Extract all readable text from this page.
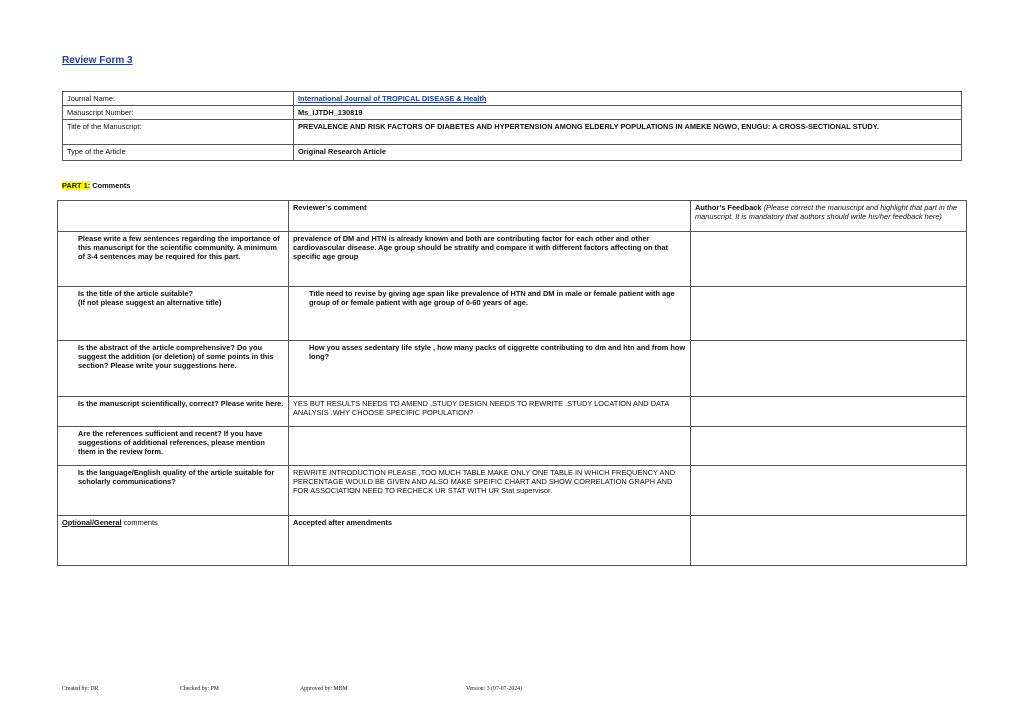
Review Form 3
Journal Name:	International Journal of TROPICAL DISEASE & Health
Manuscript Number:	Ms_IJTDH_130819
Title of the Manuscript:	PREVALENCE AND RISK FACTORS OF DIABETES AND HYPERTENSION AMONG ELDERLY POPULATIONS IN AMEKE NGWO, ENUGU: A CROSS-SECTIONAL STUDY.
Type of the Article	Original Research Article
PART 1: Comments
	Reviewer’s comment	Author’s Feedback (Please correct the manuscript and highlight that part in the manuscript. It is mandatory that authors should write his/her feedback here)
Please write a few sentences regarding the importance of this manuscript for the scientific community. A minimum of 3-4 sentences may be required for this part.	prevalence of DM and HTN is already known and both are contributing factor for each other and other cardiovascular disease. Age group should be stratify and compare it with different factors affecting on that specific age group	
Is the title of the article suitable?
(If not please suggest an alternative title)	Title need to revise by giving age span like prevalence of HTN and DM in male or female patient with age group of or female patient with age group of 0-60 years of age.	
Is the abstract of the article comprehensive? Do you suggest the addition (or deletion) of some points in this section? Please write your suggestions here.	How you asses sedentary life style , how many packs of ciggrette contributing to dm and htn and from how long?	
Is the manuscript scientifically, correct? Please write here.	YES BUT RESULTS NEEDS TO AMEND ,STUDY DESIGN NEEDS TO REWRITE .STUDY LOCATION AND DATA ANALYSIS .WHY CHOOSE SPECIFIC POPULATION?	
Are the references sufficient and recent? If you have suggestions of additional references, please mention them in the review form.		
Is the language/English quality of the article suitable for scholarly communications?	REWRITE INTRODUCTION PLEASE ,TOO MUCH TABLE MAKE ONLY ONE TABLE IN WHICH FREQUENCY AND PERCENTAGE WOULD BE GIVEN AND ALSO MAKE SPEIFIC CHART AND SHOW CORRELATION GRAPH AND FOR ASSOCIATION NEED TO RECHECK UR STAT WITH UR Stat supervisor.	
Optional/General comments	Accepted after amendments	
Created by: DR	Checked by: PM	Approved by: MBM	Version: 3 (07-07-2024)
